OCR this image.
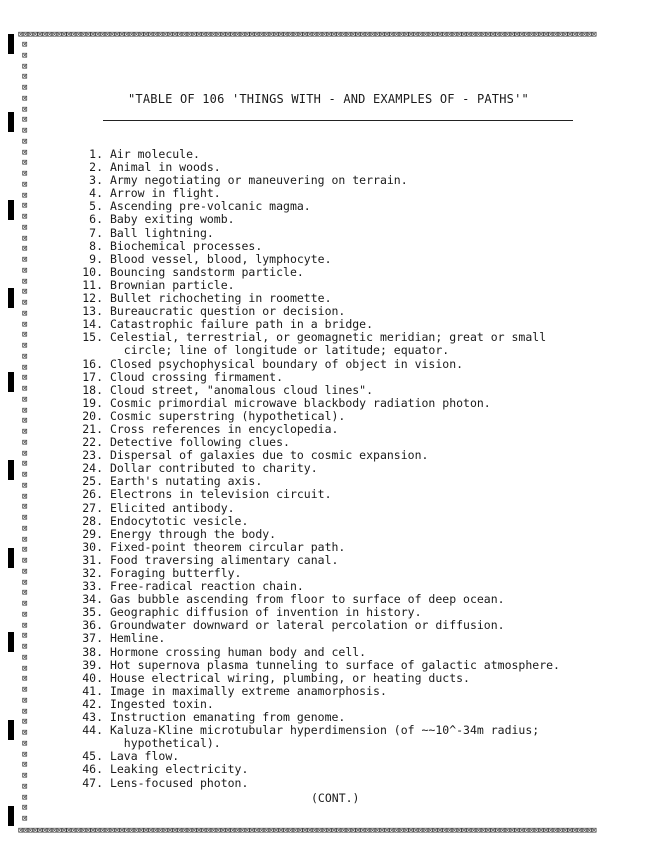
⊠⊠⊠⊠⊠⊠⊠⊠⊠⊠⊠⊠⊠⊠⊠⊠⊠⊠⊠⊠⊠⊠⊠⊠⊠⊠⊠⊠⊠⊠⊠⊠⊠⊠⊠⊠⊠⊠⊠⊠⊠⊠⊠⊠⊠⊠⊠⊠⊠⊠⊠⊠⊠⊠⊠⊠⊠⊠⊠⊠⊠⊠⊠⊠⊠⊠⊠⊠⊠⊠⊠⊠⊠⊠⊠⊠⊠⊠⊠⊠⊠⊠⊠⊠⊠⊠⊠⊠⊠⊠⊠⊠⊠⊠⊠⊠⊠⊠⊠⊠⊠⊠⊠⊠⊠⊠⊠⊠⊠⊠⊠⊠⊠⊠⊠⊠⊠⊠⊠⊠
⊠
⊠
⊠
⊠
⊠
⊠
⊠
⊠
⊠
⊠
⊠
⊠
⊠
⊠
⊠
⊠
⊠
⊠
⊠
⊠
⊠
⊠
⊠
⊠
⊠
⊠
⊠
⊠
⊠
⊠
⊠
⊠
⊠
⊠
⊠
⊠
⊠
⊠
⊠
⊠
⊠
⊠
⊠
⊠
⊠
⊠
⊠
⊠
⊠
⊠
⊠
⊠
⊠
⊠
⊠
⊠
⊠
⊠
⊠
⊠
⊠
⊠
⊠
⊠
⊠
⊠
⊠
⊠
⊠
⊠
⊠
⊠
⊠

⊠⊠⊠⊠⊠⊠⊠⊠⊠⊠⊠⊠⊠⊠⊠⊠⊠⊠⊠⊠⊠⊠⊠⊠⊠⊠⊠⊠⊠⊠⊠⊠⊠⊠⊠⊠⊠⊠⊠⊠⊠⊠⊠⊠⊠⊠⊠⊠⊠⊠⊠⊠⊠⊠⊠⊠⊠⊠⊠⊠⊠⊠⊠⊠⊠⊠⊠⊠⊠⊠⊠⊠⊠⊠⊠⊠⊠⊠⊠⊠⊠⊠⊠⊠⊠⊠⊠⊠⊠⊠⊠⊠⊠⊠⊠⊠⊠⊠⊠⊠⊠⊠⊠⊠⊠⊠⊠⊠⊠⊠⊠⊠⊠⊠⊠⊠⊠⊠⊠⊠
"TABLE OF 106 'THINGS WITH - AND EXAMPLES OF - PATHS'"
1. Air molecule.
2. Animal in woods.
3. Army negotiating or maneuvering on terrain.
4. Arrow in flight.
5. Ascending pre-volcanic magma.
6. Baby exiting womb.
7. Ball lightning.
8. Biochemical processes.
9. Blood vessel, blood, lymphocyte.
10. Bouncing sandstorm particle.
11. Brownian particle.
12. Bullet richocheting in roomette.
13. Bureaucratic question or decision.
14. Catastrophic failure path in a bridge.
15. Celestial, terrestrial, or geomagnetic meridian; great or small
circle; line of longitude or latitude; equator.
16. Closed psychophysical boundary of object in vision.
17. Cloud crossing firmament.
18. Cloud street, "anomalous cloud lines".
19. Cosmic primordial microwave blackbody radiation photon.
20. Cosmic superstring (hypothetical).
21. Cross references in encyclopedia.
22. Detective following clues.
23. Dispersal of galaxies due to cosmic expansion.
24. Dollar contributed to charity.
25. Earth's nutating axis.
26. Electrons in television circuit.
27. Elicited antibody.
28. Endocytotic vesicle.
29. Energy through the body.
30. Fixed-point theorem circular path.
31. Food traversing alimentary canal.
32. Foraging butterfly.
33. Free-radical reaction chain.
34. Gas bubble ascending from floor to surface of deep ocean.
35. Geographic diffusion of invention in history.
36. Groundwater downward or lateral percolation or diffusion.
37. Hemline.
38. Hormone crossing human body and cell.
39. Hot supernova plasma tunneling to surface of galactic atmosphere.
40. House electrical wiring, plumbing, or heating ducts.
41. Image in maximally extreme anamorphosis.
42. Ingested toxin.
43. Instruction emanating from genome.
44. Kaluza-Kline microtubular hyperdimension (of ~~10^-34m radius;
hypothetical).
45. Lava flow.
46. Leaking electricity.
47. Lens-focused photon.
(CONT.)
